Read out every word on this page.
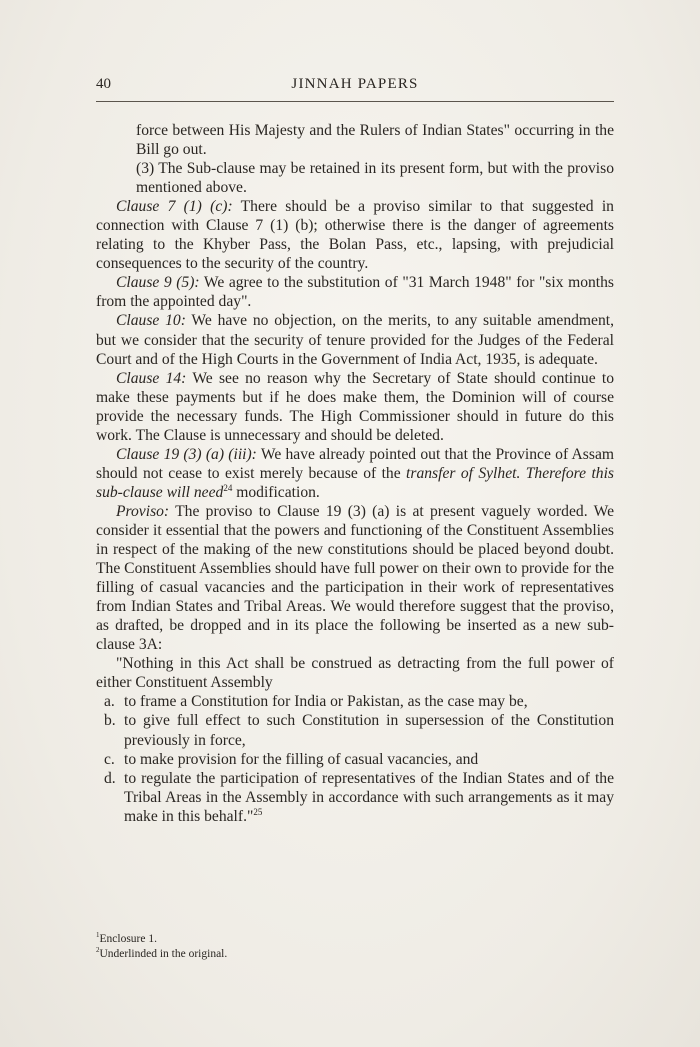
40	JINNAH PAPERS

force between His Majesty and the Rulers of Indian States" occurring in the Bill go out.

(3) The Sub-clause may be retained in its present form, but with the proviso mentioned above.

Clause 7 (1) (c): There should be a proviso similar to that suggested in connection with Clause 7 (1) (b); otherwise there is the danger of agreements relating to the Khyber Pass, the Bolan Pass, etc., lapsing, with prejudicial consequences to the security of the country.

Clause 9 (5): We agree to the substitution of "31 March 1948" for "six months from the appointed day".

Clause 10: We have no objection, on the merits, to any suitable amendment, but we consider that the security of tenure provided for the Judges of the Federal Court and of the High Courts in the Government of India Act, 1935, is adequate.

Clause 14: We see no reason why the Secretary of State should continue to make these payments but if he does make them, the Dominion will of course provide the necessary funds. The High Commissioner should in future do this work. The Clause is unnecessary and should be deleted.

Clause 19 (3) (a) (iii): We have already pointed out that the Province of Assam should not cease to exist merely because of the transfer of Sylhet. Therefore this sub-clause will need$^{24}$ modification.

Proviso: The proviso to Clause 19 (3) (a) is at present vaguely worded. We consider it essential that the powers and functioning of the Constituent Assemblies in respect of the making of the new constitutions should be placed beyond doubt. The Constituent Assemblies should have full power on their own to provide for the filling of casual vacancies and the participation in their work of representatives from Indian States and Tribal Areas. We would therefore suggest that the proviso, as drafted, be dropped and in its place the following be inserted as a new sub-clause 3A:

"Nothing in this Act shall be construed as detracting from the full power of either Constituent Assembly

a. to frame a Constitution for India or Pakistan, as the case may be,
b. to give full effect to such Constitution in supersession of the Constitution previously in force,
c. to make provision for the filling of casual vacancies, and
d. to regulate the participation of representatives of the Indian States and of the Tribal Areas in the Assembly in accordance with such arrangements as it may make in this behalf."$^{25}$
$^1$Enclosure 1.
$^2$Underlinded in the original.
